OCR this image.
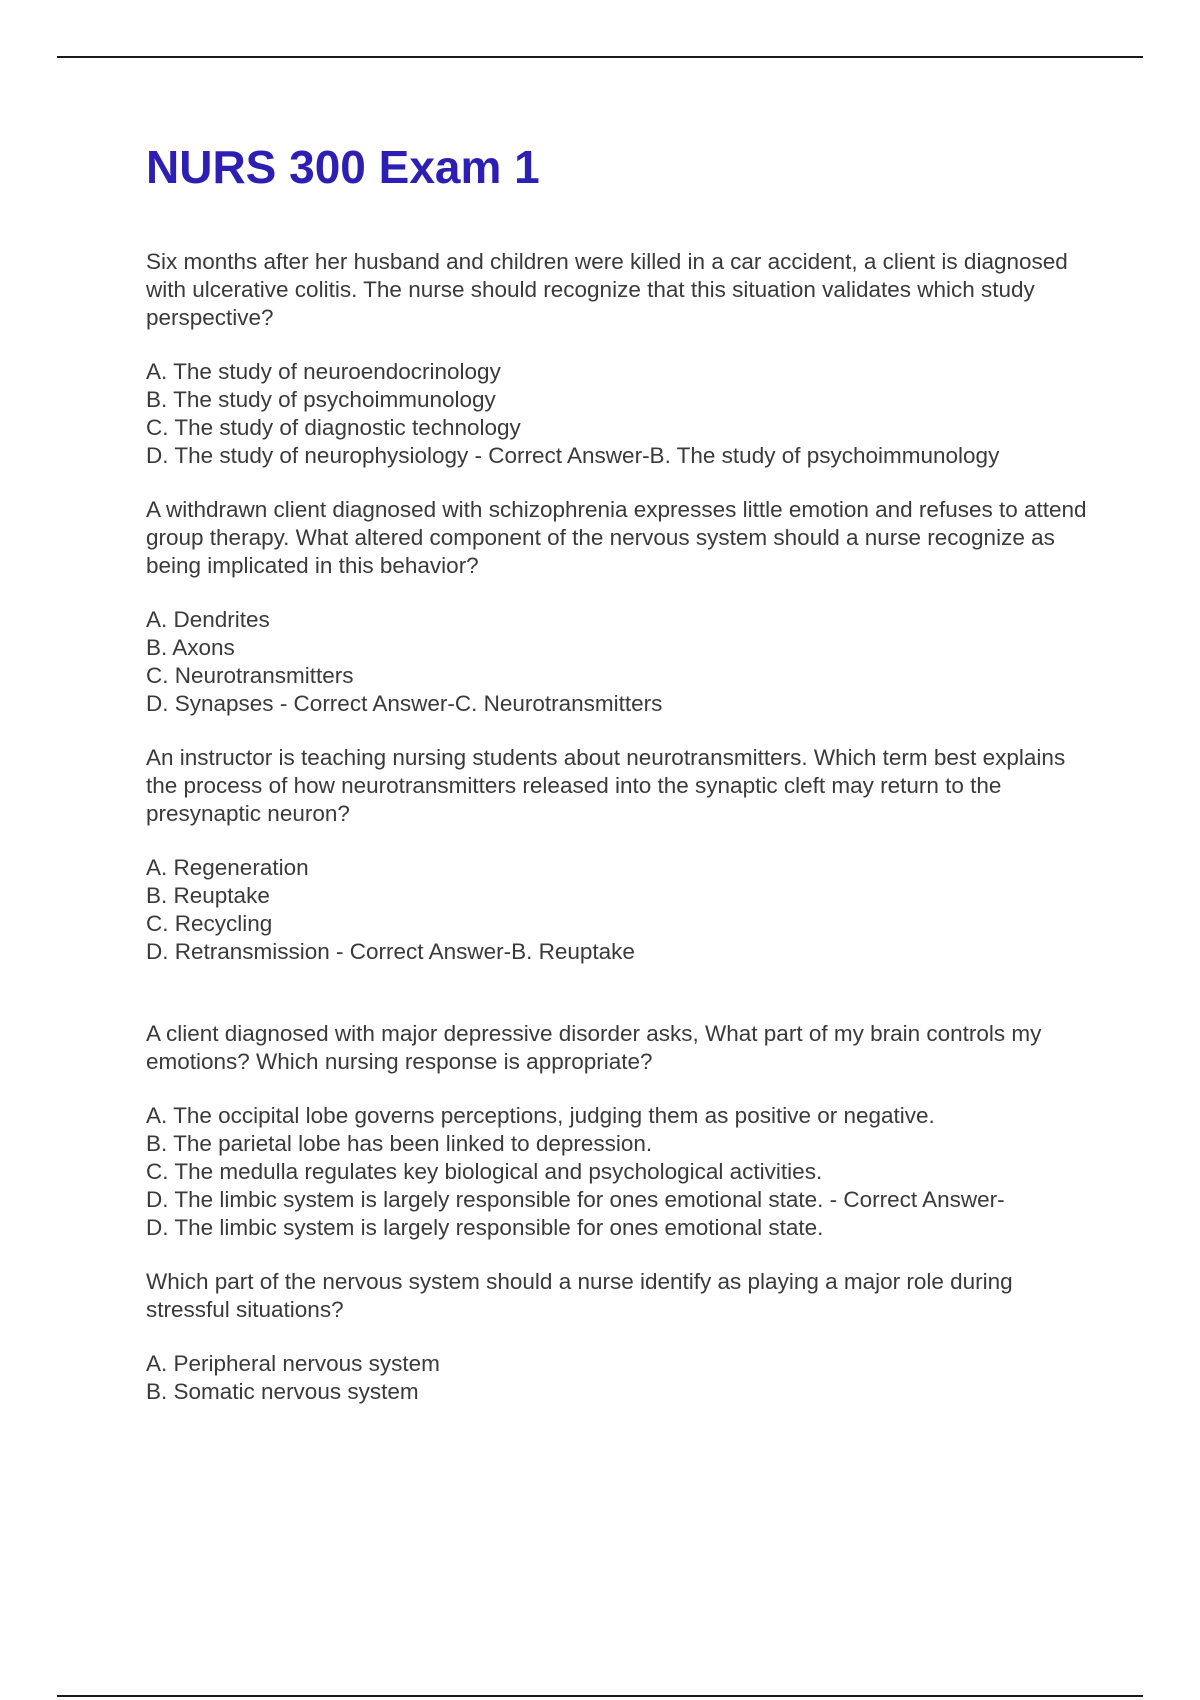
NURS 300 Exam 1

Six months after her husband and children were killed in a car accident, a client is diagnosed with ulcerative colitis. The nurse should recognize that this situation validates which study perspective?

A. The study of neuroendocrinology

B. The study of psychoimmunology

C. The study of diagnostic technology

D. The study of neurophysiology - Correct Answer-B. The study of psychoimmunology

A withdrawn client diagnosed with schizophrenia expresses little emotion and refuses to attend group therapy. What altered component of the nervous system should a nurse recognize as being implicated in this behavior?

A. Dendrites

B. Axons

C. Neurotransmitters

D. Synapses - Correct Answer-C. Neurotransmitters

An instructor is teaching nursing students about neurotransmitters. Which term best explains the process of how neurotransmitters released into the synaptic cleft may return to the presynaptic neuron?

A. Regeneration

B. Reuptake

C. Recycling

D. Retransmission - Correct Answer-B. Reuptake

A client diagnosed with major depressive disorder asks, What part of my brain controls my emotions? Which nursing response is appropriate?

A. The occipital lobe governs perceptions, judging them as positive or negative.

B. The parietal lobe has been linked to depression.

C. The medulla regulates key biological and psychological activities.

D. The limbic system is largely responsible for ones emotional state. - Correct Answer-

D. The limbic system is largely responsible for ones emotional state.

Which part of the nervous system should a nurse identify as playing a major role during stressful situations?

A. Peripheral nervous system

B. Somatic nervous system
